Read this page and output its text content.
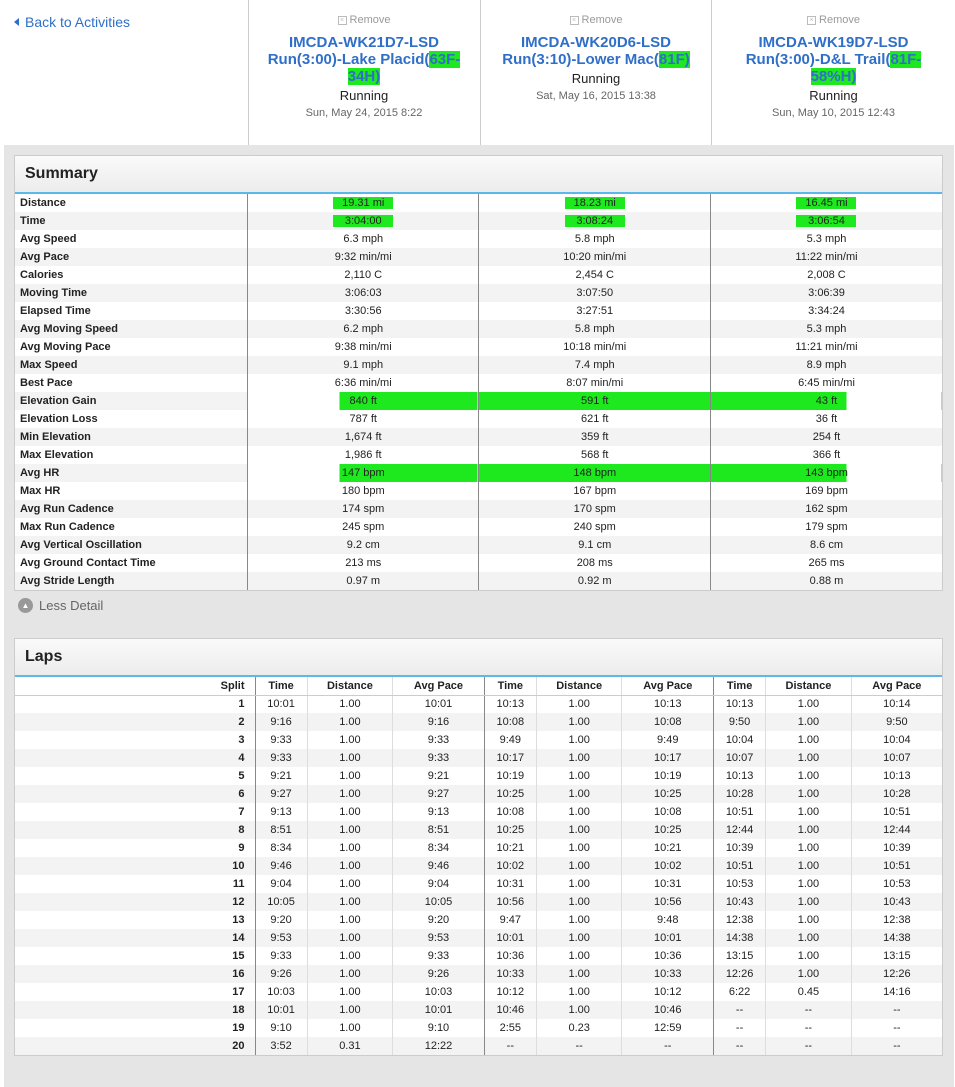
Back to Activities	× Remove
IMCDA-WK21D7-LSD Run(3:00)-Lake Placid(63F-34H)
Running
Sun, May 24, 2015 8:22
× Remove
IMCDA-WK20D6-LSD Run(3:10)-Lower Mac(81F)
Running
Sat, May 16, 2015 13:38
× Remove
IMCDA-WK19D7-LSD Run(3:00)-D&L Trail(81F-58%H)
Running
Sun, May 10, 2015 12:43
Summary
Distance	19.31 mi	18.23 mi	16.45 mi
Time	3:04:00	3:08:24	3:06:54
Avg Speed	6.3 mph	5.8 mph	5.3 mph
Avg Pace	9:32 min/mi	10:20 min/mi	11:22 min/mi
Calories	2,110 C	2,454 C	2,008 C
Moving Time	3:06:03	3:07:50	3:06:39
Elapsed Time	3:30:56	3:27:51	3:34:24
Avg Moving Speed	6.2 mph	5.8 mph	5.3 mph
Avg Moving Pace	9:38 min/mi	10:18 min/mi	11:21 min/mi
Max Speed	9.1 mph	7.4 mph	8.9 mph
Best Pace	6:36 min/mi	8:07 min/mi	6:45 min/mi
Elevation Gain	840 ft	591 ft	43 ft
Elevation Loss	787 ft	621 ft	36 ft
Min Elevation	1,674 ft	359 ft	254 ft
Max Elevation	1,986 ft	568 ft	366 ft
Avg HR	147 bpm	148 bpm	143 bpm
Max HR	180 bpm	167 bpm	169 bpm
Avg Run Cadence	174 spm	170 spm	162 spm
Max Run Cadence	245 spm	240 spm	179 spm
Avg Vertical Oscillation	9.2 cm	9.1 cm	8.6 cm
Avg Ground Contact Time	213 ms	208 ms	265 ms
Avg Stride Length	0.97 m	0.92 m	0.88 m
▲ Less Detail
Laps
Split	Time	Distance	Avg Pace	Time	Distance	Avg Pace	Time	Distance	Avg Pace
1	10:01	1.00	10:01	10:13	1.00	10:13	10:13	1.00	10:14
2	9:16	1.00	9:16	10:08	1.00	10:08	9:50	1.00	9:50
3	9:33	1.00	9:33	9:49	1.00	9:49	10:04	1.00	10:04
4	9:33	1.00	9:33	10:17	1.00	10:17	10:07	1.00	10:07
5	9:21	1.00	9:21	10:19	1.00	10:19	10:13	1.00	10:13
6	9:27	1.00	9:27	10:25	1.00	10:25	10:28	1.00	10:28
7	9:13	1.00	9:13	10:08	1.00	10:08	10:51	1.00	10:51
8	8:51	1.00	8:51	10:25	1.00	10:25	12:44	1.00	12:44
9	8:34	1.00	8:34	10:21	1.00	10:21	10:39	1.00	10:39
10	9:46	1.00	9:46	10:02	1.00	10:02	10:51	1.00	10:51
11	9:04	1.00	9:04	10:31	1.00	10:31	10:53	1.00	10:53
12	10:05	1.00	10:05	10:56	1.00	10:56	10:43	1.00	10:43
13	9:20	1.00	9:20	9:47	1.00	9:48	12:38	1.00	12:38
14	9:53	1.00	9:53	10:01	1.00	10:01	14:38	1.00	14:38
15	9:33	1.00	9:33	10:36	1.00	10:36	13:15	1.00	13:15
16	9:26	1.00	9:26	10:33	1.00	10:33	12:26	1.00	12:26
17	10:03	1.00	10:03	10:12	1.00	10:12	6:22	0.45	14:16
18	10:01	1.00	10:01	10:46	1.00	10:46	--	--	--
19	9:10	1.00	9:10	2:55	0.23	12:59	--	--	--
20	3:52	0.31	12:22	--	--	--	--	--	--
